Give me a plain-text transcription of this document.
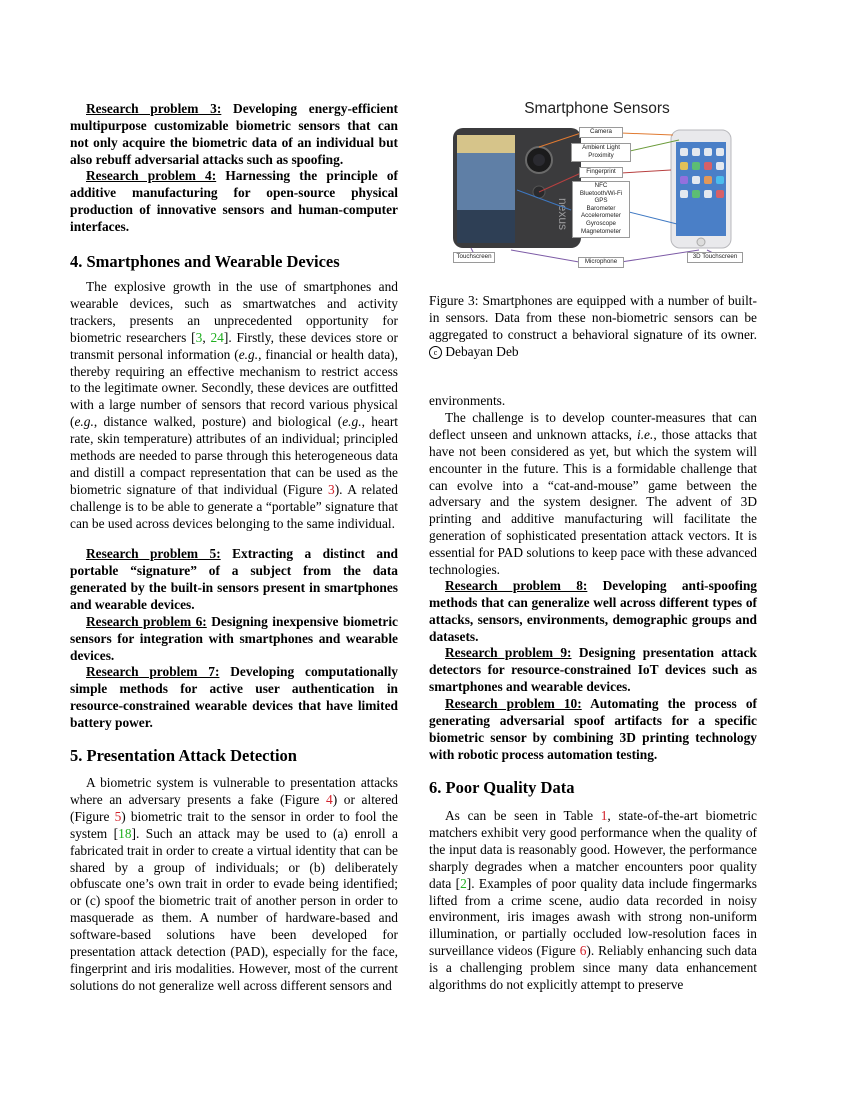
Research problem 3: Developing energy-efficient multipurpose customizable biometric sensors that can not only acquire the biometric data of an individual but also rebuff adversarial attacks such as spoofing.

Research problem 4: Harnessing the principle of additive manufacturing for open-source physical production of innovative sensors and human-computer interfaces.

4. Smartphones and Wearable Devices

The explosive growth in the use of smartphones and wearable devices, such as smartwatches and activity trackers, presents an unprecedented opportunity for biometric researchers [3, 24]. Firstly, these devices store or transmit personal information (e.g., financial or health data), thereby requiring an effective mechanism to restrict access to the legitimate owner. Secondly, these devices are outfitted with a large number of sensors that record various physical (e.g., distance walked, posture) and biological (e.g., heart rate, skin temperature) attributes of an individual; principled methods are needed to parse through this heterogeneous data and distill a compact representation that can be used as the biometric signature of that individual (Figure 3). A related challenge is to be able to generate a “portable” signature that can be used across devices belonging to the same individual.

Research problem 5: Extracting a distinct and portable “signature” of a subject from the data generated by the built-in sensors present in smartphones and wearable devices.

Research problem 6: Designing inexpensive biometric sensors for integration with smartphones and wearable devices.

Research problem 7: Developing computationally simple methods for active user authentication in resource-constrained wearable devices that have limited battery power.

5. Presentation Attack Detection

A biometric system is vulnerable to presentation attacks where an adversary presents a fake (Figure 4) or altered (Figure 5) biometric trait to the sensor in order to fool the system [18]. Such an attack may be used to (a) enroll a fabricated trait in order to create a virtual identity that can be shared by a group of individuals; or (b) deliberately obfuscate one’s own trait in order to evade being identified; or (c) spoof the biometric trait of another person in order to masquerade as them. A number of hardware-based and software-based solutions have been developed for presentation attack detection (PAD), especially for the face, fingerprint and iris modalities. However, most of the current solutions do not generalize well across different sensors and

Smartphone Sensors
nexus
Camera
Ambient Light
Proximity
Fingerprint
NFC
Bluetooth/Wi-Fi
GPS
Barometer
Accelerometer
Gyroscope
Magnetometer
Touchscreen
Microphone
3D Touchscreen
Figure 3: Smartphones are equipped with a number of built-in sensors. Data from these non-biometric sensors can be aggregated to construct a behavioral signature of its owner. c Debayan Deb

environments.

The challenge is to develop counter-measures that can deflect unseen and unknown attacks, i.e., those attacks that have not been considered as yet, but which the system will encounter in the future. This is a formidable challenge that can evolve into a “cat-and-mouse” game between the adversary and the system designer. The advent of 3D printing and additive manufacturing will facilitate the generation of sophisticated presentation attack vectors. It is essential for PAD solutions to keep pace with these advanced technologies.

Research problem 8: Developing anti-spoofing methods that can generalize well across different types of attacks, sensors, environments, demographic groups and datasets.

Research problem 9: Designing presentation attack detectors for resource-constrained IoT devices such as smartphones and wearable devices.

Research problem 10: Automating the process of generating adversarial spoof artifacts for a specific biometric sensor by combining 3D printing technology with robotic process automation testing.

6. Poor Quality Data

As can be seen in Table 1, state-of-the-art biometric matchers exhibit very good performance when the quality of the input data is reasonably good. However, the performance sharply degrades when a matcher encounters poor quality data [2]. Examples of poor quality data include fingermarks lifted from a crime scene, audio data recorded in noisy environment, iris images awash with strong non-uniform illumination, or partially occluded low-resolution faces in surveillance videos (Figure 6). Reliably enhancing such data is a challenging problem since many data enhancement algorithms do not explicitly attempt to preserve
